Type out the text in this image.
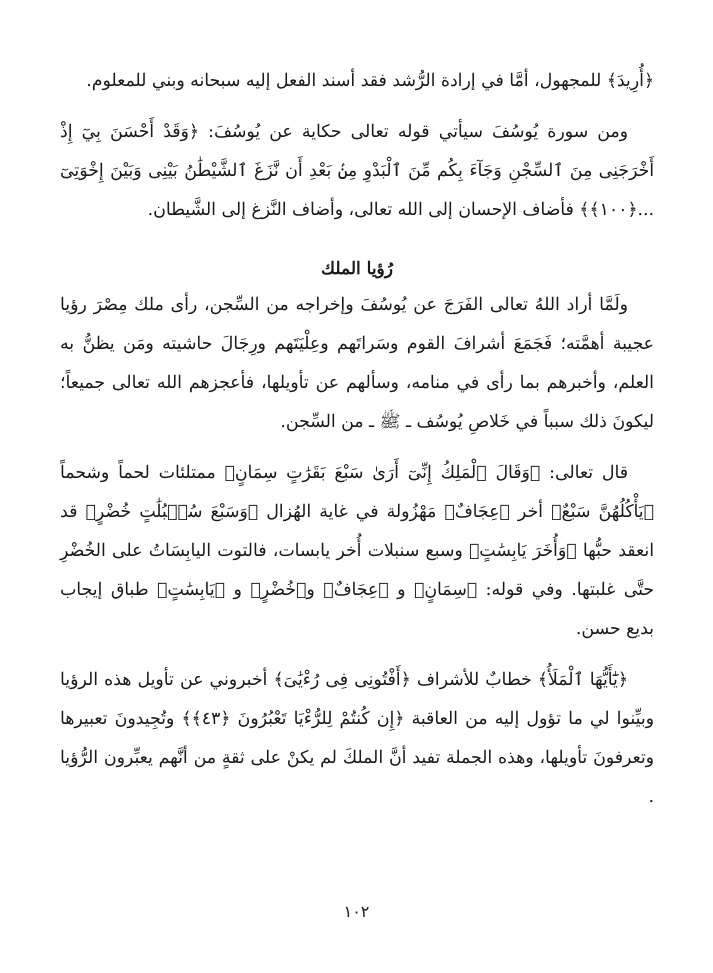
﴿أُرِيدَ﴾ للمجهول، أمَّا في إرادة الرُّشد فقد أسند الفعل إليه سبحانه وبني للمعلوم.

ومن سورة يُوسُفَ سيأتي قوله تعالى حكاية عن يُوسُفَ: ﴿وَقَدْ أَحْسَنَ بِيٓ إِذْ أَخْرَجَنِى مِنَ ٱلسِّجْنِ وَجَآءَ بِكُم مِّنَ ٱلْبَدْوِ مِنۢ بَعْدِ أَن نَّزَغَ ٱلشَّيْطَٰنُ بَيْنِى وَبَيْنَ إِخْوَتِىٓ ...﴿١٠٠﴾﴾ فأضاف الإحسان إلى الله تعالى، وأضاف النَّزغ إلى الشَّيطان.

رُؤيا الملك

ولَمَّا أراد اللهُ تعالى الفَرَجَ عن يُوسُفَ وإخراجه من السِّجن، رأى ملك مِصْرَ رؤيا عجيبة أهمَّته؛ فَجَمَعَ أشرافَ القوم وسَراتَهم وعِلْيَتَهم ورِجَالَ حاشيته ومَن يظنُّ به العلم، وأخبرهم بما رأى في منامه، وسألهم عن تأويلها، فأعجزهم الله تعالى جميعاً؛ ليكونَ ذلك سبباً في خَلاصِ يُوسُف ـ ﷺ ـ من السِّجن.

قال تعالى: ﴿وَقَالَ ٱلْمَلِكُ إِنِّىٓ أَرَىٰ سَبْعَ بَقَرَٰتٍ سِمَانٍ﴾ ممتلئات لحماً وشحماً ﴿يَأْكُلُهُنَّ سَبْعٌ﴾ أخر ﴿عِجَافٌ﴾ مَهْزُولة في غاية الهُزال ﴿وَسَبْعَ سُنۢبُلَٰتٍ خُضْرٍ﴾ قد انعقد حبُّها ﴿وَأُخَرَ يَابِسَٰتٍ﴾ وسبع سنبلات أُخر يابسات، فالتوت اليابِسَاتُ على الخُضْرِ حتَّى غلبتها. وفي قوله: ﴿سِمَانٍ﴾ و ﴿عِجَافٌ﴾ و﴿خُضْرٍ﴾ و ﴿يَابِسَٰتٍ﴾ طباق إيجاب بديع حسن.

﴿يَٰٓأَيُّهَا ٱلْمَلَأُ﴾ خطابٌ للأشراف ﴿أَفْتُونِى فِى رُءْيَٰىَ﴾ أخبروني عن تأويل هذه الرؤيا وبيِّنوا لي ما تؤول إليه من العاقبة ﴿إِن كُنتُمْ لِلرُّءْيَا تَعْبُرُونَ ﴿٤٣﴾﴾ وتُجِيدونَ تعبيرها وتعرفونَ تأويلها، وهذه الجملة تفيد أنَّ الملكَ لم يكنْ على ثقةٍ من أنَّهم يعبِّرون الرُّؤيا .

١٠٢
